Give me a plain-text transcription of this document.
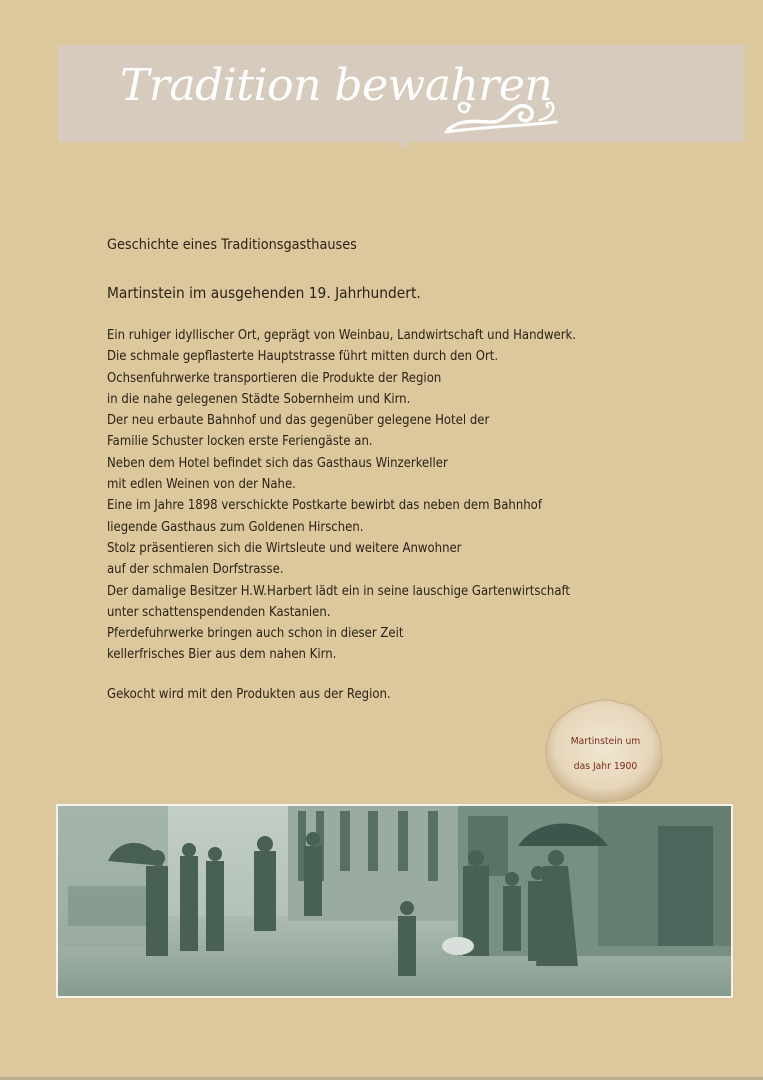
Tradition bewahren
Geschichte eines Traditionsgasthauses
Martinstein im ausgehenden 19. Jahrhundert.
Ein ruhiger idyllischer Ort, geprägt von Weinbau, Landwirtschaft und Handwerk.
Die schmale gepflasterte Hauptstrasse führt mitten durch den Ort.
Ochsenfuhrwerke transportieren die Produkte der Region
in die nahe gelegenen Städte Sobernheim und Kirn.
Der neu erbaute Bahnhof und das gegenüber gelegene Hotel der
Familie Schuster locken erste Feriengäste an.
Neben dem Hotel befindet sich das Gasthaus Winzerkeller
mit edlen Weinen von der Nahe.
Eine im Jahre 1898 verschickte Postkarte bewirbt das neben dem Bahnhof
liegende Gasthaus zum Goldenen Hirschen.
Stolz präsentieren sich die Wirtsleute und weitere Anwohner
auf der schmalen Dorfstrasse.
Der damalige Besitzer H.W.Harbert lädt ein in seine lauschige Gartenwirtschaft
unter schattenspendenden Kastanien.
Pferdefuhrwerke bringen auch schon in dieser Zeit
kellerfrisches Bier aus dem nahen Kirn.
Gekocht wird mit den Produkten aus der Region.
Martinstein um
das Jahr 1900
